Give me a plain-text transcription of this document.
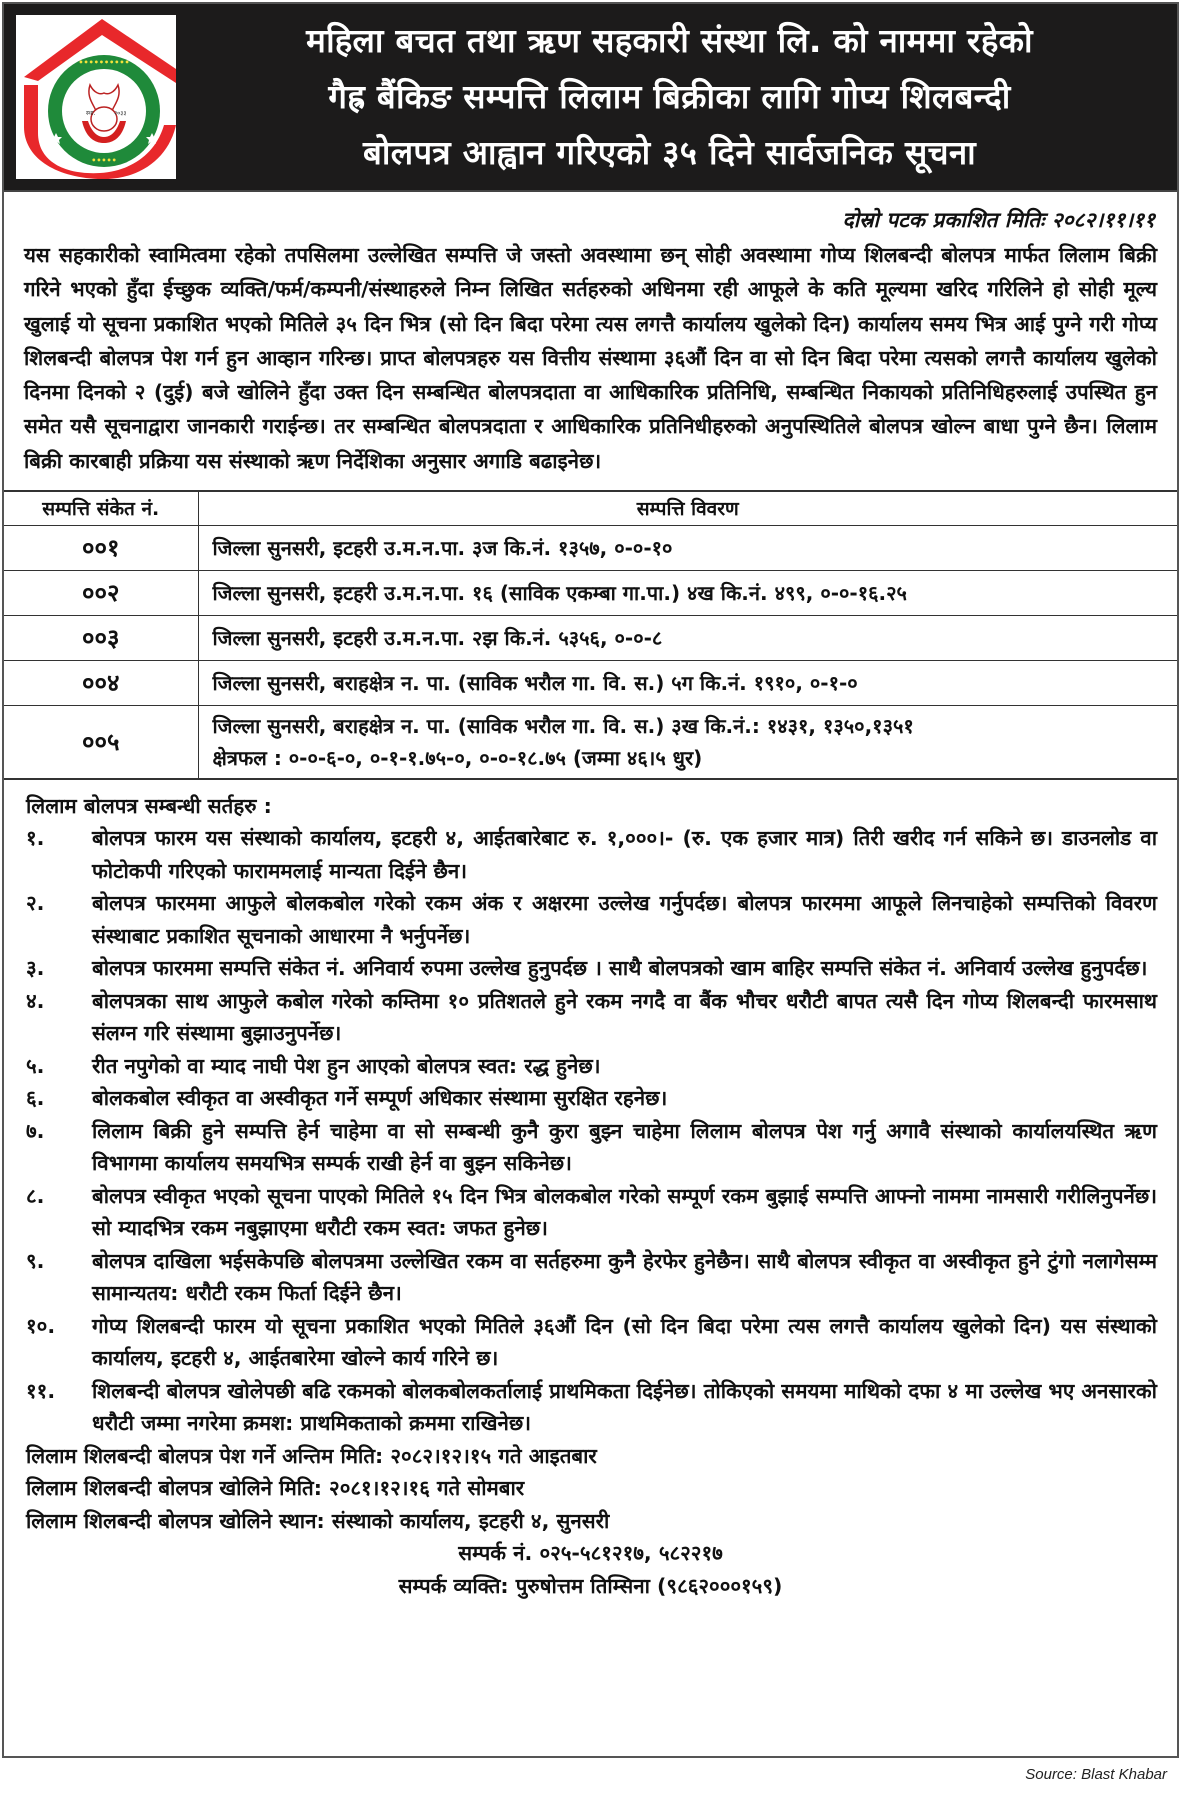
••••••••••
•••••
स्था.	२०३३
महिला बचत तथा ऋण सहकारी संस्था लि. को नाममा रहेको
गैह्र बैंकिङ सम्पत्ति लिलाम बिक्रीका लागि गोप्य शिलबन्दी
बोलपत्र आह्वान गरिएको ३५ दिने सार्वजनिक सूचना
दोस्रो पटक प्रकाशित मितिः २०८२।११।११
यस सहकारीको स्वामित्वमा रहेको तपसिलमा उल्लेखित सम्पत्ति जे जस्तो अवस्थामा छन् सोही अवस्थामा गोप्य शिलबन्दी बोलपत्र मार्फत लिलाम बिक्री गरिने भएको हुँदा ईच्छुक व्यक्ति/फर्म/कम्पनी/संस्थाहरुले निम्न लिखित सर्तहरुको अधिनमा रही आफूले के कति मूल्यमा खरिद गरिलिने हो सोही मूल्य खुलाई यो सूचना प्रकाशित भएको मितिले ३५ दिन भित्र (सो दिन बिदा परेमा त्यस लगत्तै कार्यालय खुलेको दिन) कार्यालय समय भित्र आई पुग्ने गरी गोप्य शिलबन्दी बोलपत्र पेश गर्न हुन आव्हान गरिन्छ। प्राप्त बोलपत्रहरु यस वित्तीय संस्थामा ३६औं दिन वा सो दिन बिदा परेमा त्यसको लगत्तै कार्यालय खुलेको दिनमा दिनको २ (दुई) बजे खोलिने हुँदा उक्त दिन सम्बन्धित बोलपत्रदाता वा आधिकारिक प्रतिनिधि, सम्बन्धित निकायको प्रतिनिधिहरुलाई उपस्थित हुन समेत यसै सूचनाद्वारा जानकारी गराईन्छ। तर सम्बन्धित बोलपत्रदाता र आधिकारिक प्रतिनिधीहरुको अनुपस्थितिले बोलपत्र खोल्न बाधा पुग्ने छैन। लिलाम बिक्री कारबाही प्रक्रिया यस संस्थाको ऋण निर्देशिका अनुसार अगाडि बढाइनेछ।
सम्पत्ति संकेत नं.	सम्पत्ति विवरण
००१	जिल्ला सुनसरी, इटहरी उ.म.न.पा. ३ज कि.नं. १३५७, ०-०-१०
००२	जिल्ला सुनसरी, इटहरी उ.म.न.पा. १६ (साविक एकम्बा गा.पा.) ४ख कि.नं. ४९९, ०-०-१६.२५
००३	जिल्ला सुनसरी, इटहरी उ.म.न.पा. २झ कि.नं. ५३५६, ०-०-८
००४	जिल्ला सुनसरी, बराहक्षेत्र न. पा. (साविक भरौल गा. वि. स.) ५ग कि.नं. १९१०, ०-१-०
००५	जिल्ला सुनसरी, बराहक्षेत्र न. पा. (साविक भरौल गा. वि. स.) ३ख कि.नं.: १४३१, १३५०,१३५१
क्षेत्रफल : ०-०-६-०, ०-१-१.७५-०, ०-०-१८.७५ (जम्मा ४६।५ धुर)
लिलाम बोलपत्र सम्बन्धी सर्तहरु :
१.	बोलपत्र फारम यस संस्थाको कार्यालय, इटहरी ४, आईतबारेबाट रु. १,०००।- (रु. एक हजार मात्र) तिरी खरीद गर्न सकिने छ। डाउनलोड वा फोटोकपी गरिएको फाराममलाई मान्यता दिईने छैन।
२.	बोलपत्र फारममा आफुले बोलकबोल गरेको रकम अंक र अक्षरमा उल्लेख गर्नुपर्दछ। बोलपत्र फारममा आफूले लिनचाहेको सम्पत्तिको विवरण संस्थाबाट प्रकाशित सूचनाको आधारमा नै भर्नुपर्नेछ।
३.	बोलपत्र फारममा सम्पत्ति संकेत नं. अनिवार्य रुपमा उल्लेख हुनुपर्दछ । साथै बोलपत्रको खाम बाहिर सम्पत्ति संकेत नं. अनिवार्य उल्लेख हुनुपर्दछ।
४.	बोलपत्रका साथ आफुले कबोल गरेको कम्तिमा १० प्रतिशतले हुने रकम नगदै वा बैंक भौचर धरौटी बापत त्यसै दिन गोप्य शिलबन्दी फारमसाथ संलग्न गरि संस्थामा बुझाउनुपर्नेछ।
५.	रीत नपुगेको वा म्याद नाघी पेश हुन आएको बोलपत्र स्वत: रद्ध हुनेछ।
६.	बोलकबोल स्वीकृत वा अस्वीकृत गर्ने सम्पूर्ण अधिकार संस्थामा सुरक्षित रहनेछ।
७.	लिलाम बिक्री हुने सम्पत्ति हेर्न चाहेमा वा सो सम्बन्धी कुनै कुरा बुझ्न चाहेमा लिलाम बोलपत्र पेश गर्नु अगावै संस्थाको कार्यालयस्थित ऋण विभागमा कार्यालय समयभित्र सम्पर्क राखी हेर्न वा बुझ्न सकिनेछ।
८.	बोलपत्र स्वीकृत भएको सूचना पाएको मितिले १५ दिन भित्र बोलकबोल गरेको सम्पूर्ण रकम बुझाई सम्पत्ति आफ्नो नाममा नामसारी गरीलिनुपर्नेछ। सो म्यादभित्र रकम नबुझाएमा धरौटी रकम स्वत: जफत हुनेछ।
९.	बोलपत्र दाखिला भईसकेपछि बोलपत्रमा उल्लेखित रकम वा सर्तहरुमा कुनै हेरफेर हुनेछैन। साथै बोलपत्र स्वीकृत वा अस्वीकृत हुने टुंगो नलागेसम्म सामान्यतय: धरौटी रकम फिर्ता दिईने छैन।
१०.	गोप्य शिलबन्दी फारम यो सूचना प्रकाशित भएको मितिले ३६औं दिन (सो दिन बिदा परेमा त्यस लगत्तै कार्यालय खुलेको दिन) यस संस्थाको कार्यालय, इटहरी ४, आईतबारेमा खोल्ने कार्य गरिने छ।
११.	शिलबन्दी बोलपत्र खोलेपछी बढि रकमको बोलकबोलकर्तालाई प्राथमिकता दिईनेछ। तोकिएको समयमा माथिको दफा ४ मा उल्लेख भए अनसारको धरौटी जम्मा नगरेमा क्रमश: प्राथमिकताको क्रममा राखिनेछ।
लिलाम शिलबन्दी बोलपत्र पेश गर्ने अन्तिम मिति: २०८२।१२।१५ गते आइतबार
लिलाम शिलबन्दी बोलपत्र खोलिने मिति: २०८१।१२।१६ गते सोमबार
लिलाम शिलबन्दी बोलपत्र खोलिने स्थान: संस्थाको कार्यालय, इटहरी ४, सुनसरी
सम्पर्क नं. ०२५-५८१२१७, ५८२२१७
सम्पर्क व्यक्ति: पुरुषोत्तम तिम्सिना (९८६२०००१५९)
Source: Blast Khabar
